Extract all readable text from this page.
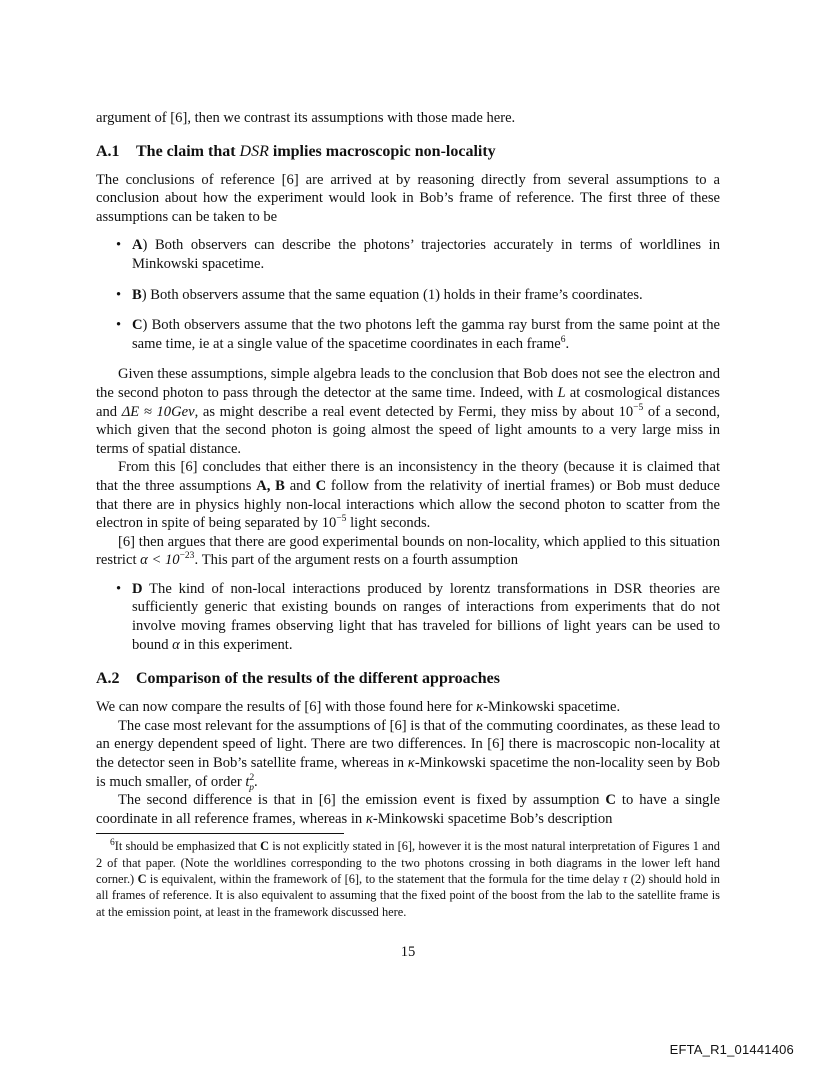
argument of [6], then we contrast its assumptions with those made here.

A.1 The claim that DSR implies macroscopic non-locality

The conclusions of reference [6] are arrived at by reasoning directly from several assumptions to a conclusion about how the experiment would look in Bob’s frame of reference. The first three of these assumptions can be taken to be

• A) Both observers can describe the photons’ trajectories accurately in terms of worldlines in Minkowski spacetime.

• B) Both observers assume that the same equation (1) holds in their frame’s coordinates.

• C) Both observers assume that the two photons left the gamma ray burst from the same point at the same time, ie at a single value of the spacetime coordinates in each frame$^6$.

Given these assumptions, simple algebra leads to the conclusion that Bob does not see the electron and the second photon to pass through the detector at the same time. Indeed, with L at cosmological distances and ΔE ≈ 10Gev, as might describe a real event detected by Fermi, they miss by about $10^{-5}$ of a second, which given that the second photon is going almost the speed of light amounts to a very large miss in terms of spatial distance.

From this [6] concludes that either there is an inconsistency in the theory (because it is claimed that that the three assumptions A, B and C follow from the relativity of inertial frames) or Bob must deduce that there are in physics highly non-local interactions which allow the second photon to scatter from the electron in spite of being separated by $10^{-5}$ light seconds.

[6] then argues that there are good experimental bounds on non-locality, which applied to this situation restrict $\alpha < 10^{-23}$. This part of the argument rests on a fourth assumption

• D The kind of non-local interactions produced by lorentz transformations in DSR theories are sufficiently generic that existing bounds on ranges of interactions from experiments that do not involve moving frames observing light that has traveled for billions of light years can be used to bound α in this experiment.

A.2 Comparison of the results of the different approaches

We can now compare the results of [6] with those found here for κ-Minkowski spacetime.

The case most relevant for the assumptions of [6] is that of the commuting coordinates, as these lead to an energy dependent speed of light. There are two differences. In [6] there is macroscopic non-locality at the detector seen in Bob’s satellite frame, whereas in κ-Minkowski spacetime the non-locality seen by Bob is much smaller, of order $t^2_p$.

The second difference is that in [6] the emission event is fixed by assumption C to have a single coordinate in all reference frames, whereas in κ-Minkowski spacetime Bob’s description

$^6$It should be emphasized that C is not explicitly stated in [6], however it is the most natural interpretation of Figures 1 and 2 of that paper. (Note the worldlines corresponding to the two photons crossing in both diagrams in the lower left hand corner.) C is equivalent, within the framework of [6], to the statement that the formula for the time delay τ (2) should hold in all frames of reference. It is also equivalent to assuming that the fixed point of the boost from the lab to the satellite frame is at the emission point, at least in the framework discussed here.

15
EFTA_R1_01441406
